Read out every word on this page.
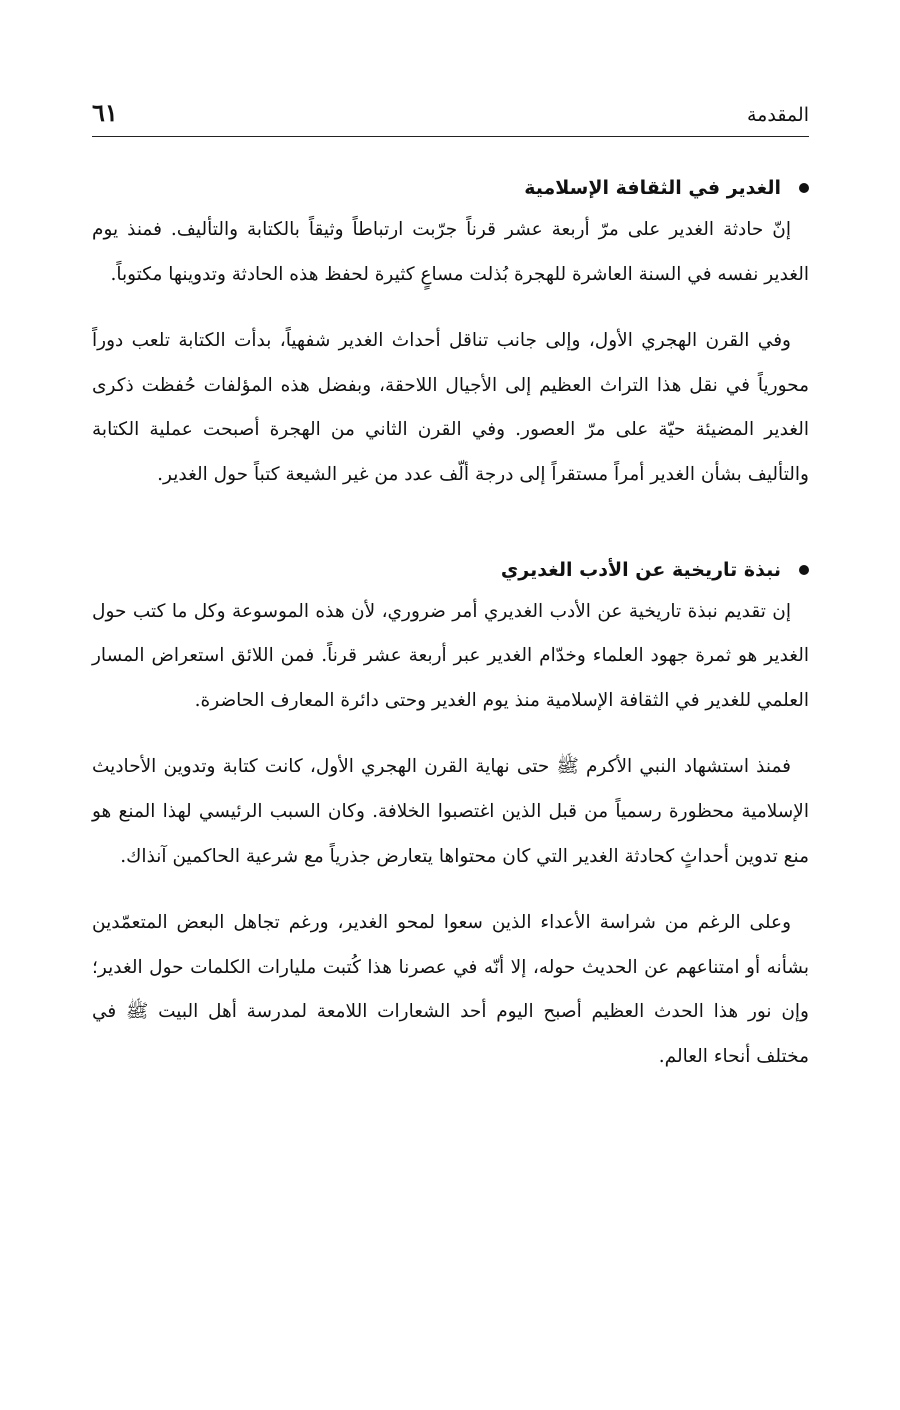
المقدمة
٦١
الغدير في الثقافة الإسلامية

إنّ حادثة الغدير على مرّ أربعة عشر قرناً جرّبت ارتباطاً وثيقاً بالكتابة والتأليف. فمنذ يوم الغدير نفسه في السنة العاشرة للهجرة بُذلت مساعٍ كثيرة لحفظ هذه الحادثة وتدوينها مكتوباً.

وفي القرن الهجري الأول، وإلى جانب تناقل أحداث الغدير شفهياً، بدأت الكتابة تلعب دوراً محورياً في نقل هذا التراث العظيم إلى الأجيال اللاحقة، وبفضل هذه المؤلفات حُفظت ذكرى الغدير المضيئة حيّة على مرّ العصور. وفي القرن الثاني من الهجرة أصبحت عملية الكتابة والتأليف بشأن الغدير أمراً مستقراً إلى درجة ألّف عدد من غير الشيعة كتباً حول الغدير.

نبذة تاريخية عن الأدب الغديري

إن تقديم نبذة تاريخية عن الأدب الغديري أمر ضروري، لأن هذه الموسوعة وكل ما كتب حول الغدير هو ثمرة جهود العلماء وخدّام الغدير عبر أربعة عشر قرناً. فمن اللائق استعراض المسار العلمي للغدير في الثقافة الإسلامية منذ يوم الغدير وحتى دائرة المعارف الحاضرة.

فمنذ استشهاد النبي الأكرم ﷺ حتى نهاية القرن الهجري الأول، كانت كتابة وتدوين الأحاديث الإسلامية محظورة رسمياً من قبل الذين اغتصبوا الخلافة. وكان السبب الرئيسي لهذا المنع هو منع تدوين أحداثٍ كحادثة الغدير التي كان محتواها يتعارض جذرياً مع شرعية الحاكمين آنذاك.

وعلى الرغم من شراسة الأعداء الذين سعوا لمحو الغدير، ورغم تجاهل البعض المتعمّدين بشأنه أو امتناعهم عن الحديث حوله، إلا أنّه في عصرنا هذا كُتبت مليارات الكلمات حول الغدير؛ وإن نور هذا الحدث العظيم أصبح اليوم أحد الشعارات اللامعة لمدرسة أهل البيت ﷺ في مختلف أنحاء العالم.
